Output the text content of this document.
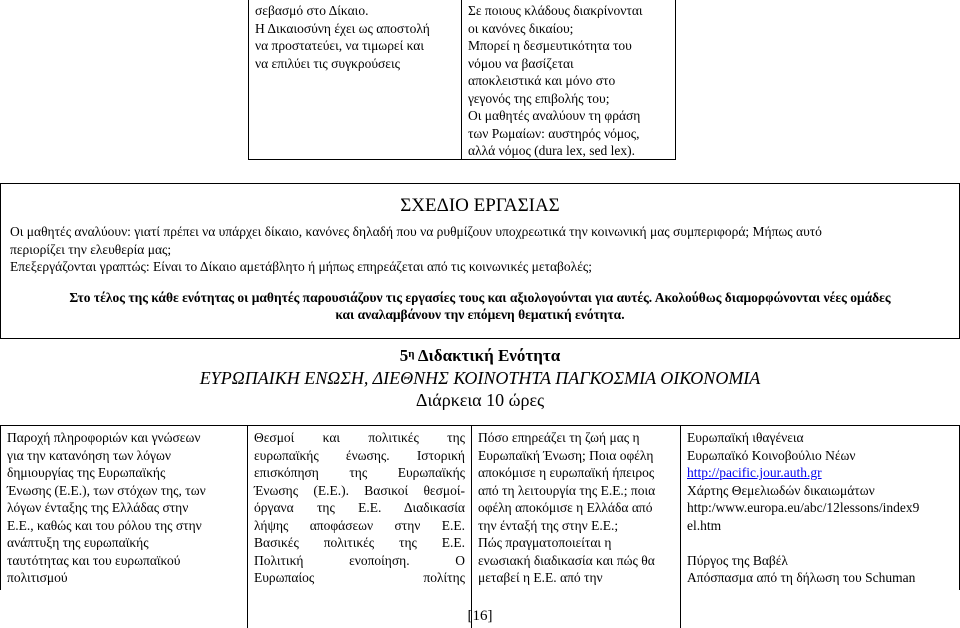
σεβασμό στο Δίκαιο.
Η Δικαιοσύνη έχει ως αποστολή
να προστατεύει, να τιμωρεί και
να επιλύει τις συγκρούσεις
Σε ποιους κλάδους διακρίνονται
οι κανόνες δικαίου;
Μπορεί η δεσμευτικότητα του
νόμου να βασίζεται
αποκλειστικά και μόνο στο
γεγονός της επιβολής του;
Οι μαθητές αναλύουν τη φράση
των Ρωμαίων: αυστηρός νόμος,
αλλά νόμος (dura lex, sed lex).
ΣΧΕΔΙΟ ΕΡΓΑΣΙΑΣ
Οι μαθητές αναλύουν: γιατί πρέπει να υπάρχει δίκαιο, κανόνες δηλαδή που να ρυθμίζουν υποχρεωτικά την κοινωνική μας συμπεριφορά; Μήπως αυτό
περιορίζει την ελευθερία μας;
Επεξεργάζονται γραπτώς: Είναι το Δίκαιο αμετάβλητο ή μήπως επηρεάζεται από τις κοινωνικές μεταβολές;
Στο τέλος της κάθε ενότητας οι μαθητές παρουσιάζουν τις εργασίες τους και αξιολογούνται για αυτές. Ακολούθως διαμορφώνονται νέες ομάδες
και αναλαμβάνουν την επόμενη θεματική ενότητα.
$5^\eta$ Διδακτική Ενότητα
ΕΥΡΩΠΑΙΚΗ ΕΝΩΣΗ, ΔΙΕΘΝΗΣ ΚΟΙΝΟΤΗΤΑ ΠΑΓΚΟΣΜΙΑ ΟΙΚΟΝΟΜΙΑ
Διάρκεια 10 ώρες
Παροχή πληροφοριών και γνώσεων
για την κατανόηση των λόγων
δημιουργίας της Ευρωπαϊκής
Ένωσης (Ε.Ε.), των στόχων της, των
λόγων ένταξης της Ελλάδας στην
Ε.Ε., καθώς και του ρόλου της στην
ανάπτυξη της ευρωπαϊκής
ταυτότητας και του ευρωπαϊκού
πολιτισμού
Θεσμοί και πολιτικές της
ευρωπαϊκής ένωσης. Ιστορική
επισκόπηση της Ευρωπαϊκής
Ένωσης (Ε.Ε.). Βασικοί θεσμοί-
όργανα της Ε.Ε. Διαδικασία
λήψης αποφάσεων στην Ε.Ε.
Βασικές πολιτικές της Ε.Ε.
Πολιτική ενοποίηση. Ο
Ευρωπαίος πολίτης
Πόσο επηρεάζει τη ζωή μας η
Ευρωπαϊκή Ένωση; Ποια οφέλη
αποκόμισε η ευρωπαϊκή ήπειρος
από τη λειτουργία της Ε.Ε.; ποια
οφέλη αποκόμισε η Ελλάδα από
την ένταξή της στην Ε.Ε.;
Πώς πραγματοποιείται η
ενωσιακή διαδικασία και πώς θα
μεταβεί η Ε.Ε. από την
Ευρωπαϊκή ιθαγένεια
Ευρωπαϊκό Κοινοβούλιο Νέων
http://pacific.jour.auth.gr
Χάρτης Θεμελιωδών δικαιωμάτων
http:/www.europa.eu/abc/12lessons/index9
el.htm

Πύργος της Βαβέλ
Απόσπασμα από τη δήλωση του Schuman
[16]
